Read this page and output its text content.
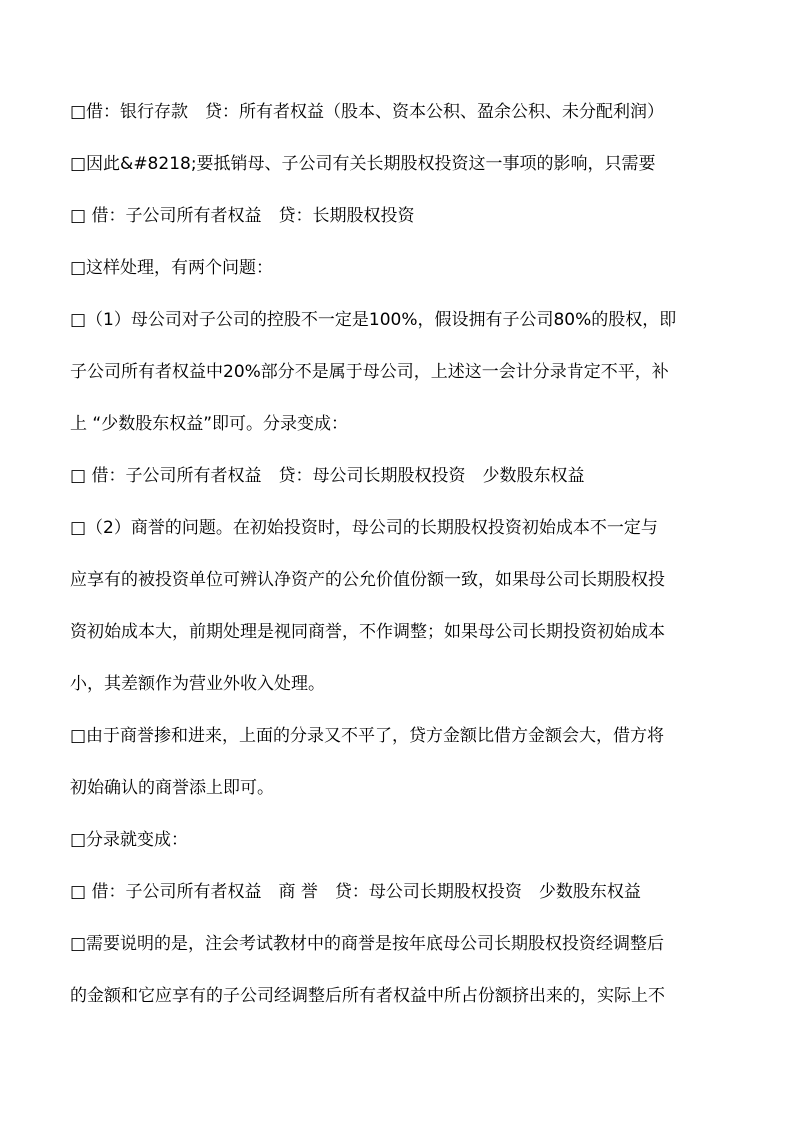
□借：银行存款　贷：所有者权益（股本、资本公积、盈余公积、未分配利润）
□因此&#8218;要抵销母、子公司有关长期股权投资这一事项的影响，只需要
□ 借：子公司所有者权益　贷：长期股权投资
□这样处理，有两个问题：
□（1）母公司对子公司的控股不一定是100%，假设拥有子公司80%的股权，即
子公司所有者权益中20%部分不是属于母公司，上述这一会计分录肯定不平，补
上 “少数股东权益”即可。分录变成：
□ 借：子公司所有者权益　贷：母公司长期股权投资　少数股东权益
□（2）商誉的问题。在初始投资时，母公司的长期股权投资初始成本不一定与
应享有的被投资单位可辨认净资产的公允价值份额一致，如果母公司长期股权投
资初始成本大，前期处理是视同商誉，不作调整；如果母公司长期投资初始成本
小，其差额作为营业外收入处理。
□由于商誉掺和进来，上面的分录又不平了，贷方金额比借方金额会大，借方将
初始确认的商誉添上即可。
□分录就变成：
□ 借：子公司所有者权益　商 誉　贷：母公司长期股权投资　少数股东权益
□需要说明的是，注会考试教材中的商誉是按年底母公司长期股权投资经调整后
的金额和它应享有的子公司经调整后所有者权益中所占份额挤出来的，实际上不
